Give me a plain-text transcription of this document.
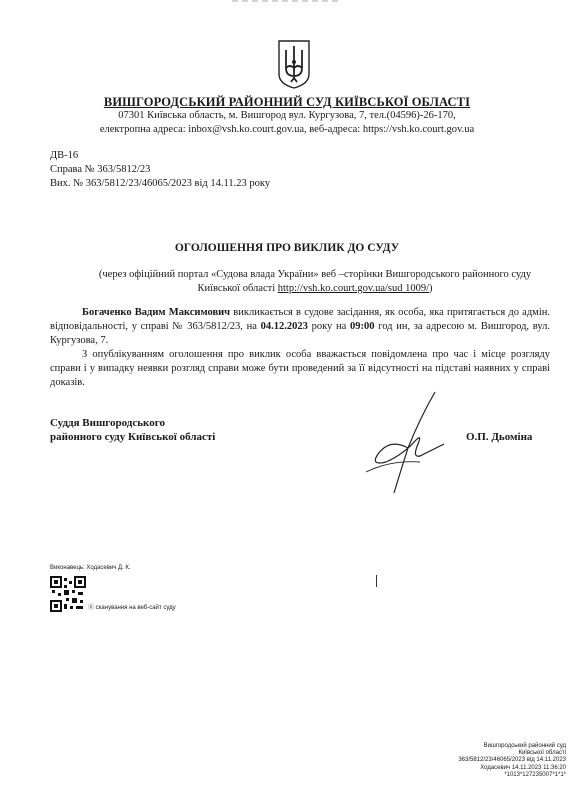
ВИШГОРОДСЬКИЙ РАЙОННИЙ СУД КИЇВСЬКОЇ ОБЛАСТІ
07301 Київська область, м. Вишгород вул. Кургузова, 7, тел.(04596)-26-170,
електропна адреса: inbox@vsh.ko.court.gov.ua, веб-адреса: https://vsh.ko.court.gov.ua
ДВ-16
Справа № 363/5812/23
Вих. № 363/5812/23/46065/2023 від 14.11.23 року
ОГОЛОШЕННЯ ПРО ВИКЛИК ДО СУДУ
(через офіційний портал «Судова влада України» веб –сторінки Вишгородського районного суду Київської області http://vsh.ko.court.gov.ua/sud 1009/)

Богаченко Вадим Максимович викликається в судове засідання, як особа, яка притягається до адмін. відповідальності, у справі № 363/5812/23, на 04.12.2023 року на 09:00 год ин, за адресою м. Вишгород, вул. Кургузова, 7.

З опублікуванням оголошення про виклик особа вважається повідомлена про час і місце розгляду справи і у випадку неявки розгляд справи може бути проведений за її відсутності на підставі наявних у справі доказів.

Суддя Вишгородського
районного суду Київської області	О.П. Дьоміна
Виконавець: Ходасевич Д. К.
Ⓡ сканування на веб-сайт суду
Вишгородський районний суд
Київської області
363/5812/23/46065/2023 від 14.11.2023
Ходасевич 14.11.2023 11:36:20
*1013*127235007*1*1*
